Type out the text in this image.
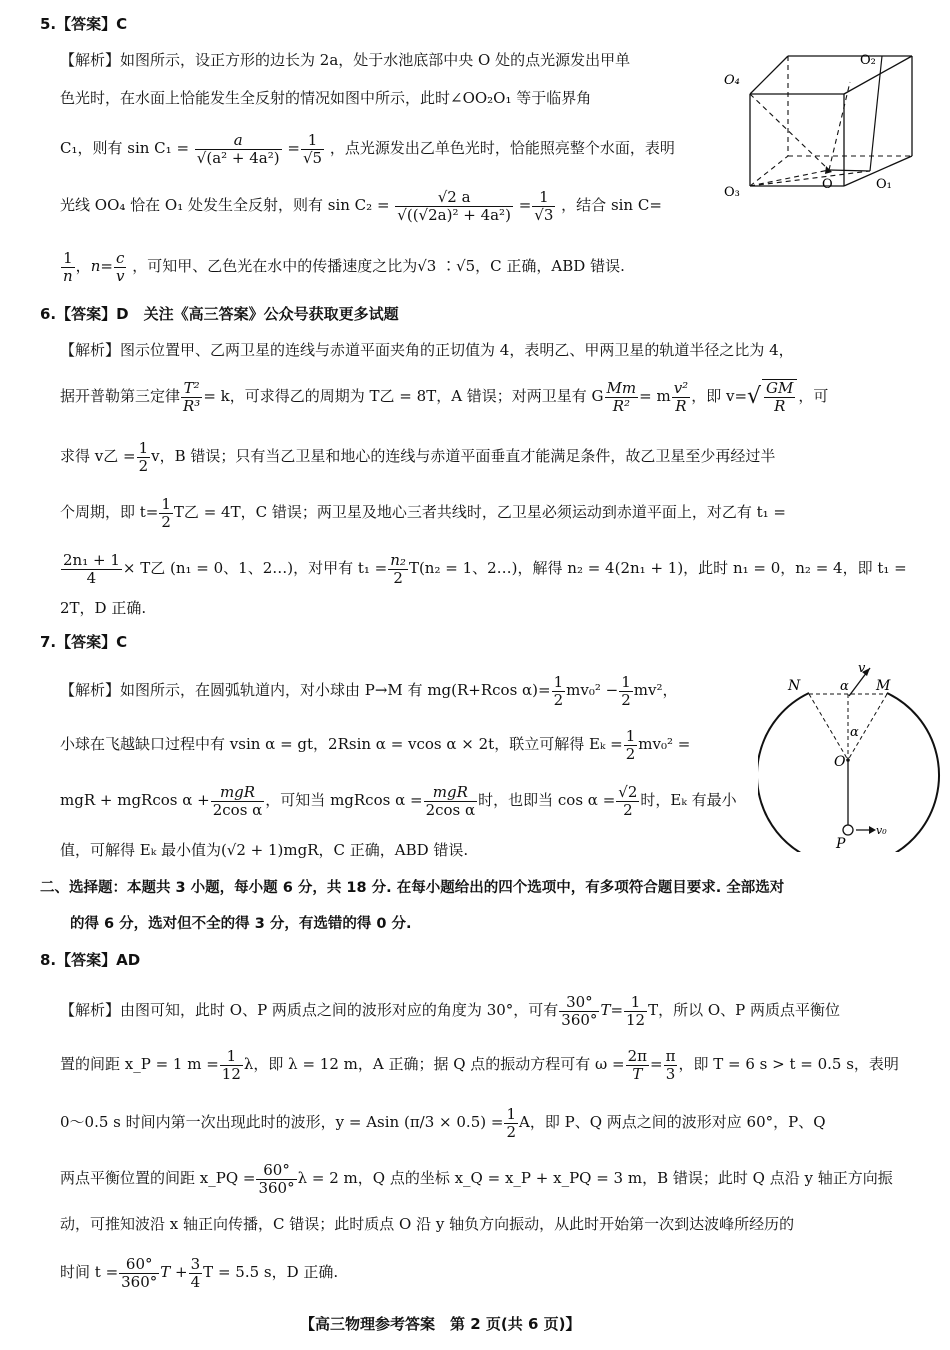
5.【答案】C
【解析】如图所示，设正方形的边长为 2a，处于水池底部中央 O 处的点光源发出甲单
色光时，在水面上恰能发生全反射的情况如图中所示，此时∠OO₂O₁ 等于临界角
C₁，则有 $\sin C_1 = \frac{a}{\text{√(a² + 4a²)}} = \frac{1}{√5}$ ，点光源发出乙单色光时，恰能照亮整个水面，表明
光线 OO₄ 恰在 O₁ 处发生全反射，则有 $\sin C_2 = \frac{√2 a}{\text{√((√2a)² + 4a²)}} = \frac{1}{√3}$ ，结合 sin C=
$\frac{1}{n}$ ，$n= \frac{c}{v}$ ，可知甲、乙色光在水中的传播速度之比为√3 ∶√5，C 正确，ABD 错误.
O₄
O₂
O₃
O	O₁
6.【答案】D　关注《高三答案》公众号获取更多试题
【解析】图示位置甲、乙两卫星的连线与赤道平面夹角的正切值为 4，表明乙、甲两卫星的轨道半径之比为 4，
据开普勒第三定律 $\frac{\text{T²}}{\text{R³}} = k$，可求得乙的周期为 T乙 = 8T，A 错误；对两卫星有 G $\frac{Mm}{\text{R²}} = m \frac{\text{v²}}{R}$ ，即 $v=√ \frac{GM}{R}$ ，可
求得 v乙 = $\frac{1}{2}$ v，B 错误；只有当乙卫星和地心的连线与赤道平面垂直才能满足条件，故乙卫星至少再经过半
个周期，即 $t= \frac{1}{2}$ T乙 = 4T，C 错误；两卫星及地心三者共线时，乙卫星必须运动到赤道平面上，对乙有 t₁ =
$\frac{\text{2n₁ + 1}}{4} \times T$乙 (n₁ = 0、1、2…)，对甲有 $t_1 = \frac{\text{n₂}}{2} T(n_2 = 1$、2…)，解得 n₂ = 4(2n₁ + 1)，此时 n₁ = 0，n₂ = 4，即 t₁ =
2T，D 正确.
7.【答案】C
【解析】如图所示，在圆弧轨道内，对小球由 P→M 有 mg(R+Rcos $\alpha)= \frac{1}{2} mv_0^2 - \frac{1}{2} mv^2$，
小球在飞越缺口过程中有 vsin α = gt，2Rsin α = vcos α × 2t，联立可解得 $E_k = \frac{1}{2} mv_0^2$ =
mgR + mgRcos $\alpha + \frac{\text{mgR}}{\text{2cos α}}$ ，可知当 mgRcos $\alpha = \frac{\text{mgR}}{\text{2cos α}}$ 时，也即当 $\cos \alpha = \frac{√2}{2}$ 时，Eₖ 有最小
值，可解得 Eₖ 最小值为(√2 + 1)mgR，C 正确，ABD 错误.
N	M
v
α
α
O
P
v₀
二、选择题：本题共 3 小题，每小题 6 分，共 18 分. 在每小题给出的四个选项中，有多项符合题目要求. 全部选对
的得 6 分，选对但不全的得 3 分，有选错的得 0 分.
8.【答案】AD
【解析】由图可知，此时 O、P 两质点之间的波形对应的角度为 30°，可有 $\frac{30^\circ}{360^\circ} T= \frac{1}{12}$ T，所以 O、P 两质点平衡位
置的间距 x_P = 1 $m = \frac{1}{12}$ λ，即 λ = 12 m，A 正确；据 Q 点的振动方程可有 $\omega = \frac{2\pi}{T} = \frac{\pi}{3}$ ，即 T = 6 s > t = 0.5 s，表明
0～0.5 s 时间内第一次出现此时的波形，y = Asin $(\pi/3 \times 0.5) = \frac{1}{2}$ A，即 P、Q 两点之间的波形对应 60°，P、Q
两点平衡位置的间距 x_PQ = $\frac{60^\circ}{360^\circ}$ λ = 2 m，Q 点的坐标 x_Q = x_P + x_PQ = 3 m，B 错误；此时 Q 点沿 y 轴正方向振
动，可推知波沿 x 轴正向传播，C 错误；此时质点 O 沿 y 轴负方向振动，从此时开始第一次到达波峰所经历的
时间 $t = \frac{60^\circ}{360^\circ}$ $T + \frac{3}{4}$ T = 5.5 s，D 正确.
【高三物理参考答案　第 2 页(共 6 页)】
